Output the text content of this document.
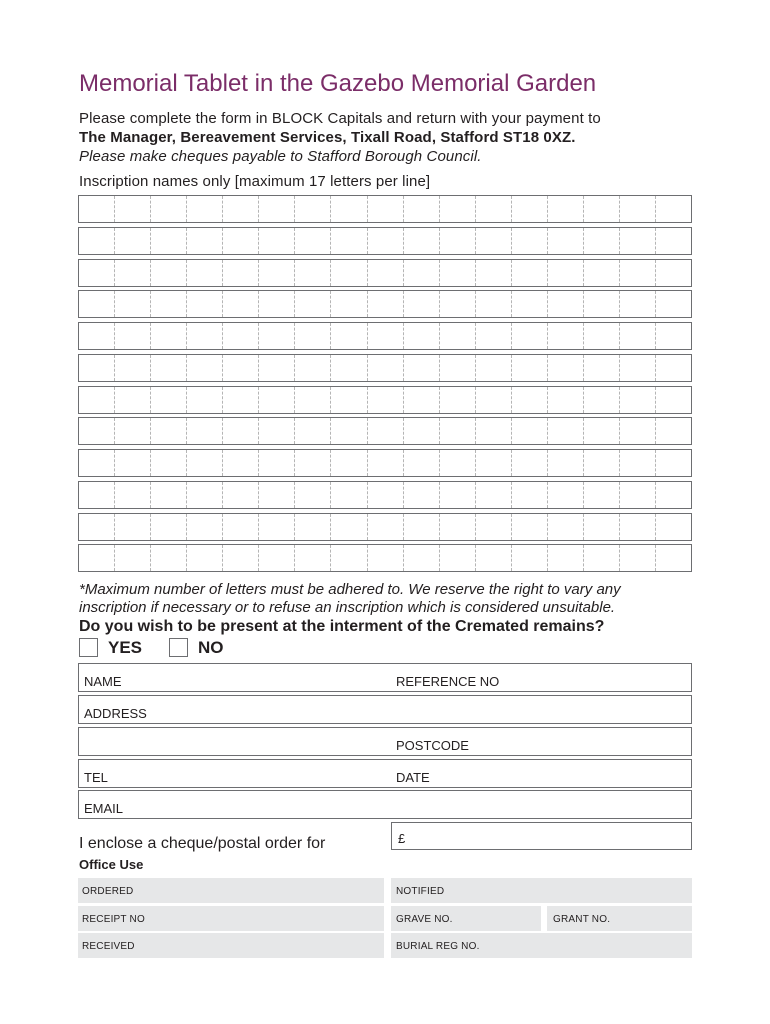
Memorial Tablet in the Gazebo Memorial Garden
Please complete the form in BLOCK Capitals and return with your payment to
The Manager, Bereavement Services, Tixall Road, Stafford ST18 0XZ.
Please make cheques payable to Stafford Borough Council.
Inscription names only [maximum 17 letters per line]
*Maximum number of letters must be adhered to. We reserve the right to vary any
inscription if necessary or to refuse an inscription which is considered unsuitable.
Do you wish to be present at the interment of the Cremated remains?
YES	NO
NAME	REFERENCE NO
ADDRESS
POSTCODE
TEL	DATE
EMAIL
I enclose a cheque/postal order for	£
Office Use
ORDERED	NOTIFIED
RECEIPT NO	GRAVE NO.	GRANT NO.
RECEIVED	BURIAL REG NO.
